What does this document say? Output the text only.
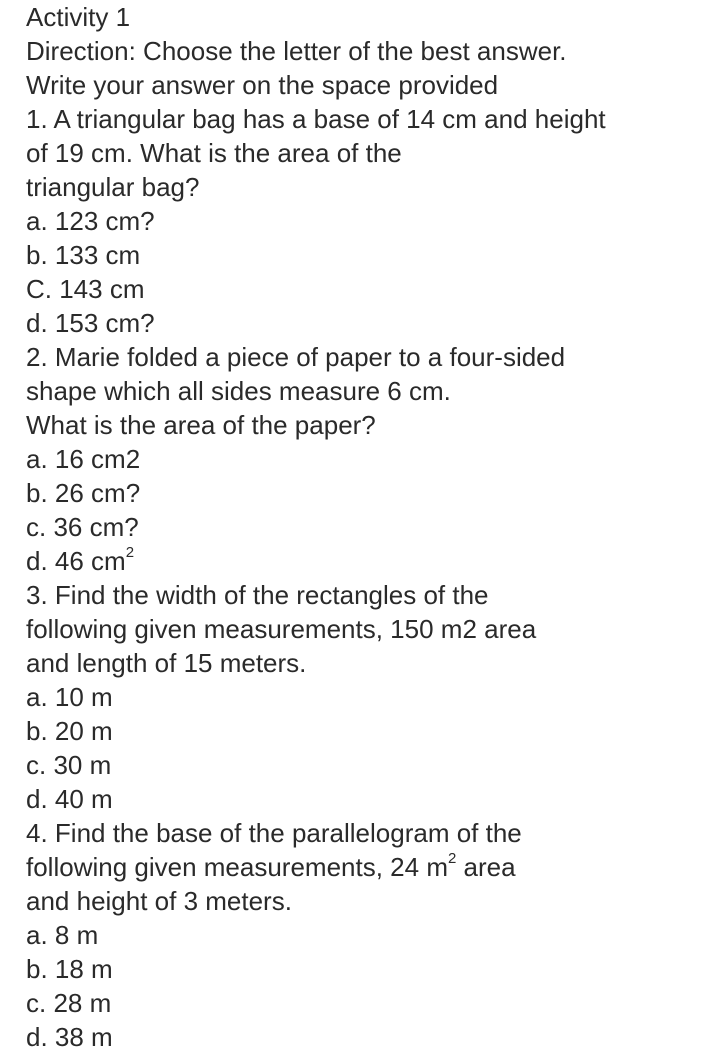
Activity 1
Direction: Choose the letter of the best answer.
Write your answer on the space provided
1. A triangular bag has a base of 14 cm and height
of 19 cm. What is the area of the
triangular bag?
a. 123 cm?
b. 133 cm
C. 143 cm
d. 153 cm?
2. Marie folded a piece of paper to a four-sided
shape which all sides measure 6 cm.
What is the area of the paper?
a. 16 cm2
b. 26 cm?
c. 36 cm?
d. 46 $cm^2$
3. Find the width of the rectangles of the
following given measurements, 150 m2 area
and length of 15 meters.
a. 10 m
b. 20 m
c. 30 m
d. 40 m
4. Find the base of the parallelogram of the
following given measurements, 24 $m^2$ area
and height of 3 meters.
a. 8 m
b. 18 m
c. 28 m
d. 38 m
